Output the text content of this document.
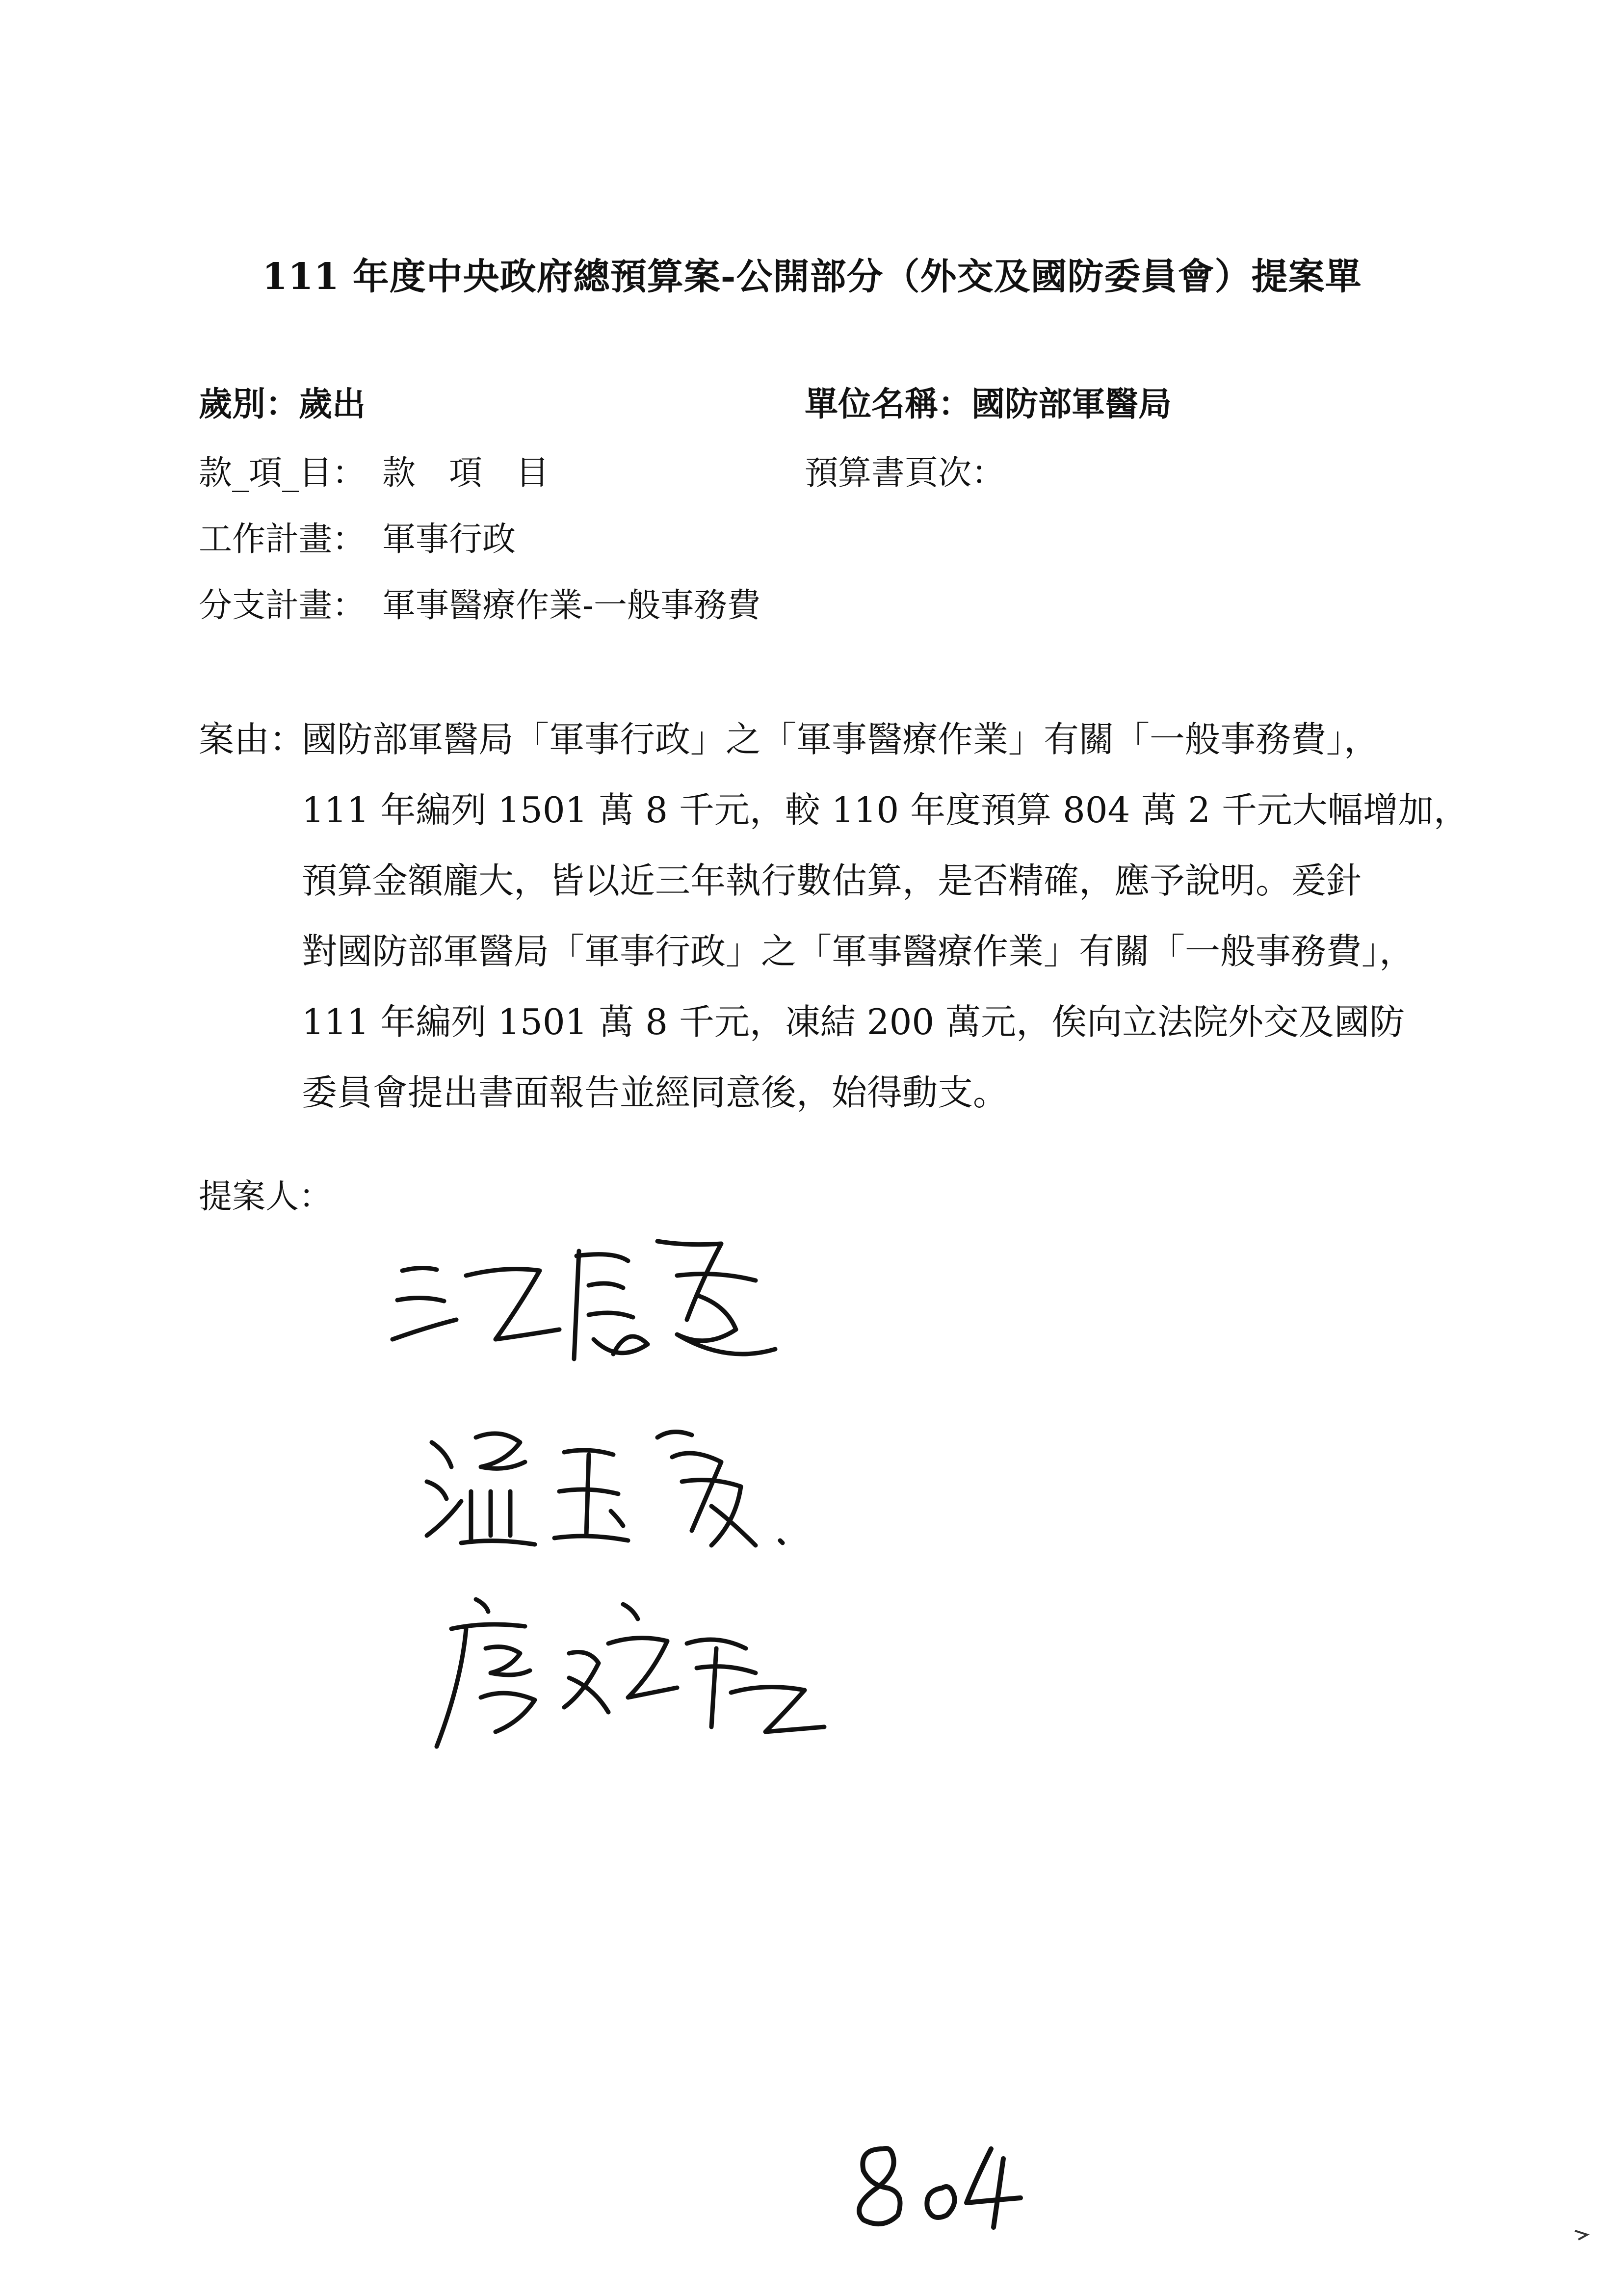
111 年度中央政府總預算案-公開部分（外交及國防委員會）提案單
歲別：歲出	單位名稱：國防部軍醫局
款_項_目：　款　項　目	預算書頁次：
工作計畫：　軍事行政
分支計畫：　軍事醫療作業-一般事務費
案由：
國防部軍醫局「軍事行政」之「軍事醫療作業」有關「一般事務費」，
111 年編列 1501 萬 8 千元，較 110 年度預算 804 萬 2 千元大幅增加，
預算金額龐大，皆以近三年執行數估算，是否精確，應予說明。爰針
對國防部軍醫局「軍事行政」之「軍事醫療作業」有關「一般事務費」，
111 年編列 1501 萬 8 千元，凍結 200 萬元，俟向立法院外交及國防
委員會提出書面報告並經同意後，始得動支。
提案人：
